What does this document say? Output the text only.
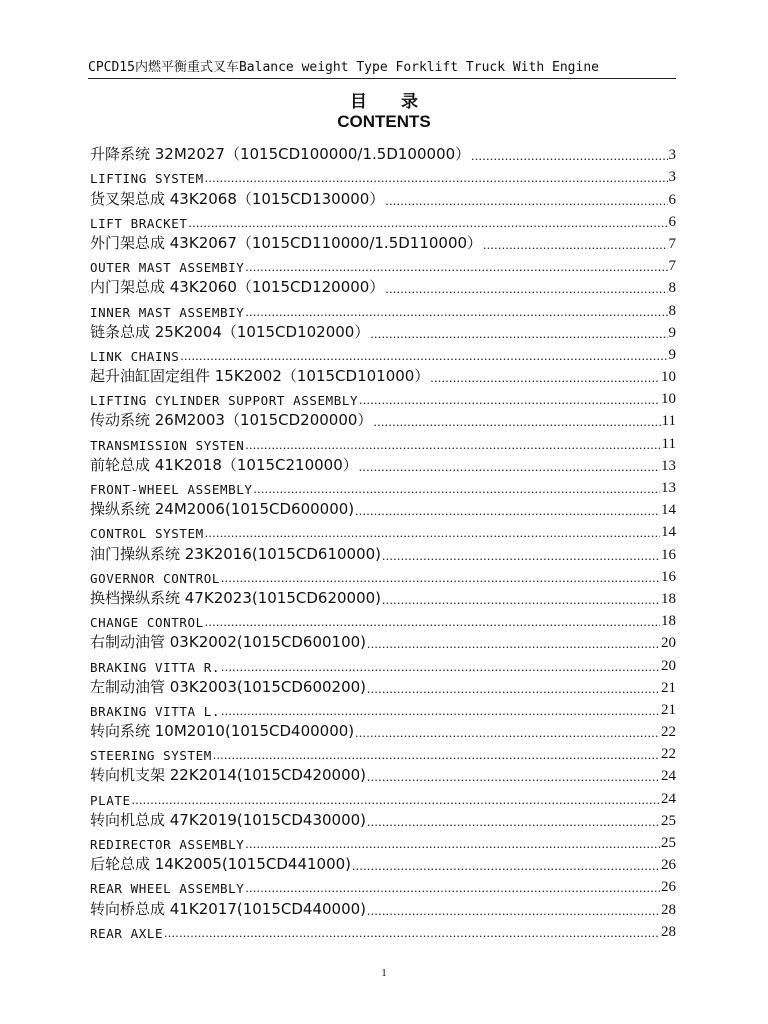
CPCD15内燃平衡重式叉车Balance weight Type Forklift Truck With Engine
目 录
CONTENTS
升降系统 32M2027（1015CD100000/1.5D100000） .....	3
LIFTING SYSTEM .....	3
货叉架总成 43K2068（1015CD130000） .....	6
LIFT BRACKET .....	6
外门架总成 43K2067（1015CD110000/1.5D110000） .....	7
OUTER MAST ASSEMBIY .....	7
内门架总成 43K2060（1015CD120000） .....	8
INNER MAST ASSEMBIY .....	8
链条总成 25K2004（1015CD102000） .....	9
LINK CHAINS .....	9
起升油缸固定组件 15K2002（1015CD101000） .....	10
LIFTING CYLINDER SUPPORT ASSEMBLY .....	10
传动系统 26M2003（1015CD200000） .....	11
TRANSMISSION SYSTEN .....	11
前轮总成 41K2018（1015C210000） .....	13
FRONT-WHEEL ASSEMBLY .....	13
操纵系统 24M2006(1015CD600000) .....	14
CONTROL SYSTEM .....	14
油门操纵系统 23K2016(1015CD610000) .....	16
GOVERNOR CONTROL .....	16
换档操纵系统 47K2023(1015CD620000) .....	18
CHANGE CONTROL .....	18
右制动油管 03K2002(1015CD600100) .....	20
BRAKING VITTA R. .....	20
左制动油管 03K2003(1015CD600200) .....	21
BRAKING VITTA L. .....	21
转向系统 10M2010(1015CD400000) .....	22
STEERING SYSTEM .....	22
转向机支架 22K2014(1015CD420000) .....	24
PLATE .....	24
转向机总成 47K2019(1015CD430000) .....	25
REDIRECTOR ASSEMBLY .....	25
后轮总成 14K2005(1015CD441000) .....	26
REAR WHEEL ASSEMBLY .....	26
转向桥总成 41K2017(1015CD440000) .....	28
REAR AXLE .....	28
1
